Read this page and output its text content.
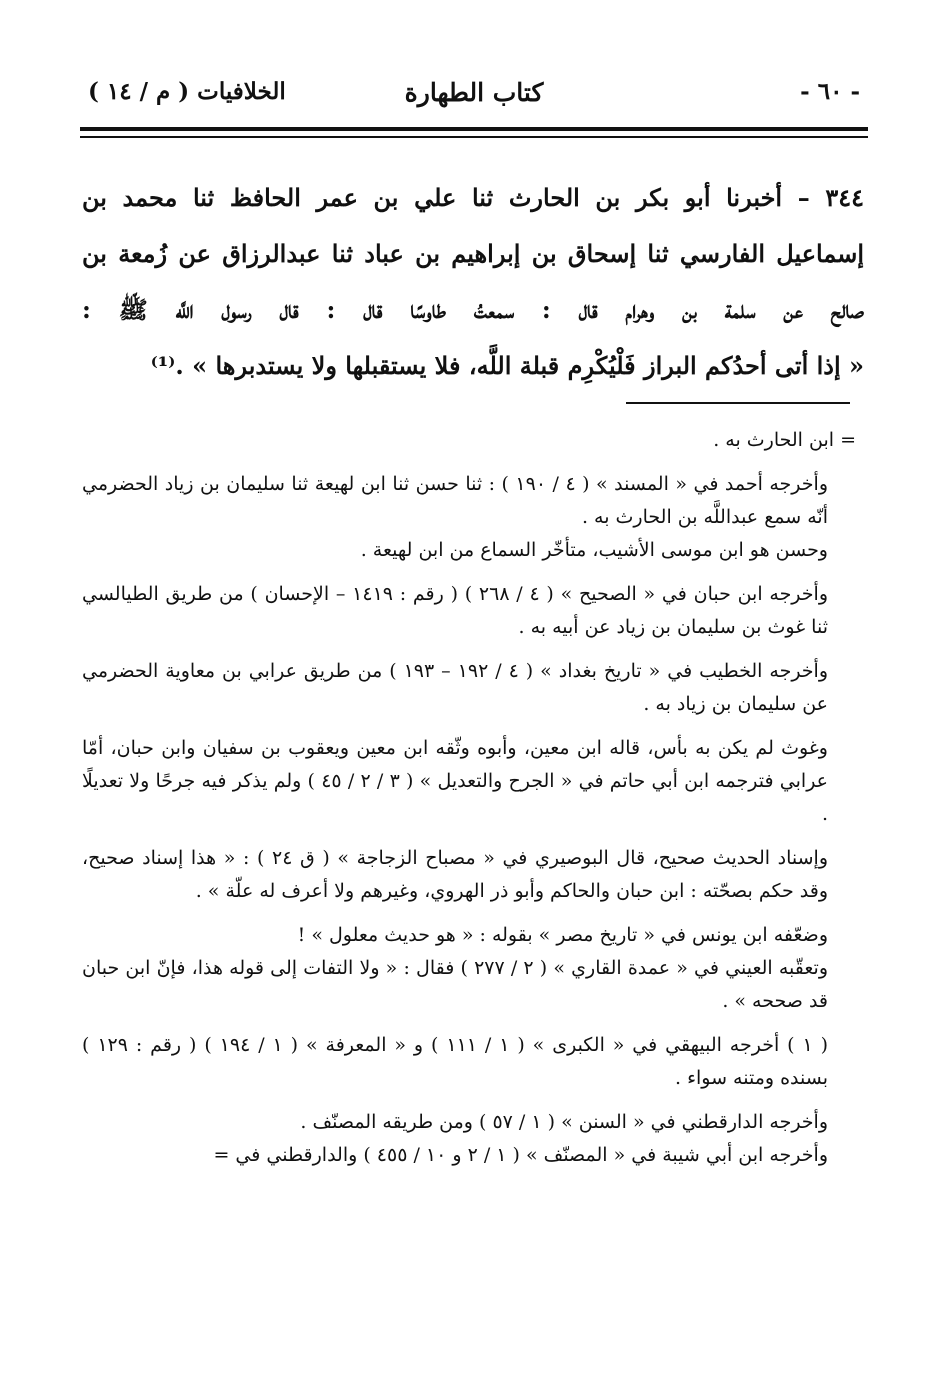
- ٦٠ -
كتاب الطهارة
الخلافيات ( م / ١٤ )

٣٤٤ – أخبرنا أبو بكر بن الحارث ثنا علي بن عمر الحافظ ثنا محمد بن

إسماعيل الفارسي ثنا إسحاق بن إبراهيم بن عباد ثنا عبدالرزاق عن زُمعة بن

صالح عن سلمة بن وهرام قال : سمعتُ طاوسًا قال : قال رسول اللَّه ﷺ :

« إذا أتى أحدُكم البراز فَلْيُكْرِم قبلة اللَّه، فلا يستقبلها ولا يستدبرها » .⁽¹⁾

= ابن الحارث به .

وأخرجه أحمد في « المسند » ( ٤ / ١٩٠ ) : ثنا حسن ثنا ابن لهيعة ثنا سليمان بن زياد الحضرمي أنّه سمع عبداللَّه بن الحارث به .

وحسن هو ابن موسى الأشيب، متأخّر السماع من ابن لهيعة .

وأخرجه ابن حبان في « الصحيح » ( ٤ / ٢٦٨ ) ( رقم : ١٤١٩ – الإحسان ) من طريق الطيالسي ثنا غوث بن سليمان بن زياد عن أبيه به .

وأخرجه الخطيب في « تاريخ بغداد » ( ٤ / ١٩٢ – ١٩٣ ) من طريق عرابي بن معاوية الحضرمي عن سليمان بن زياد به .

وغوث لم يكن به بأس، قاله ابن معين، وأبوه وثّقه ابن معين ويعقوب بن سفيان وابن حبان، أمّا عرابي فترجمه ابن أبي حاتم في « الجرح والتعديل » ( ٣ / ٢ / ٤٥ ) ولم يذكر فيه جرحًا ولا تعديلًا .

وإسناد الحديث صحيح، قال البوصيري في « مصباح الزجاجة » ( ق ٢٤ ) : « هذا إسناد صحيح، وقد حكم بصحّته : ابن حبان والحاكم وأبو ذر الهروي، وغيرهم ولا أعرف له علّة » .

وضعّفه ابن يونس في « تاريخ مصر » بقوله : « هو حديث معلول » !

وتعقّبه العيني في « عمدة القاري » ( ٢ / ٢٧٧ ) فقال : « ولا التفات إلى قوله هذا، فإنّ ابن حبان قد صححه » .

( ١ ) أخرجه البيهقي في « الكبرى » ( ١ / ١١١ ) و « المعرفة » ( ١ / ١٩٤ ) ( رقم : ١٢٩ ) بسنده ومتنه سواء .

وأخرجه الدارقطني في « السنن » ( ١ / ٥٧ ) ومن طريقه المصنّف .

وأخرجه ابن أبي شيبة في « المصنّف » ( ١ / ٢ و ١٠ / ٤٥٥ ) والدارقطني في =
